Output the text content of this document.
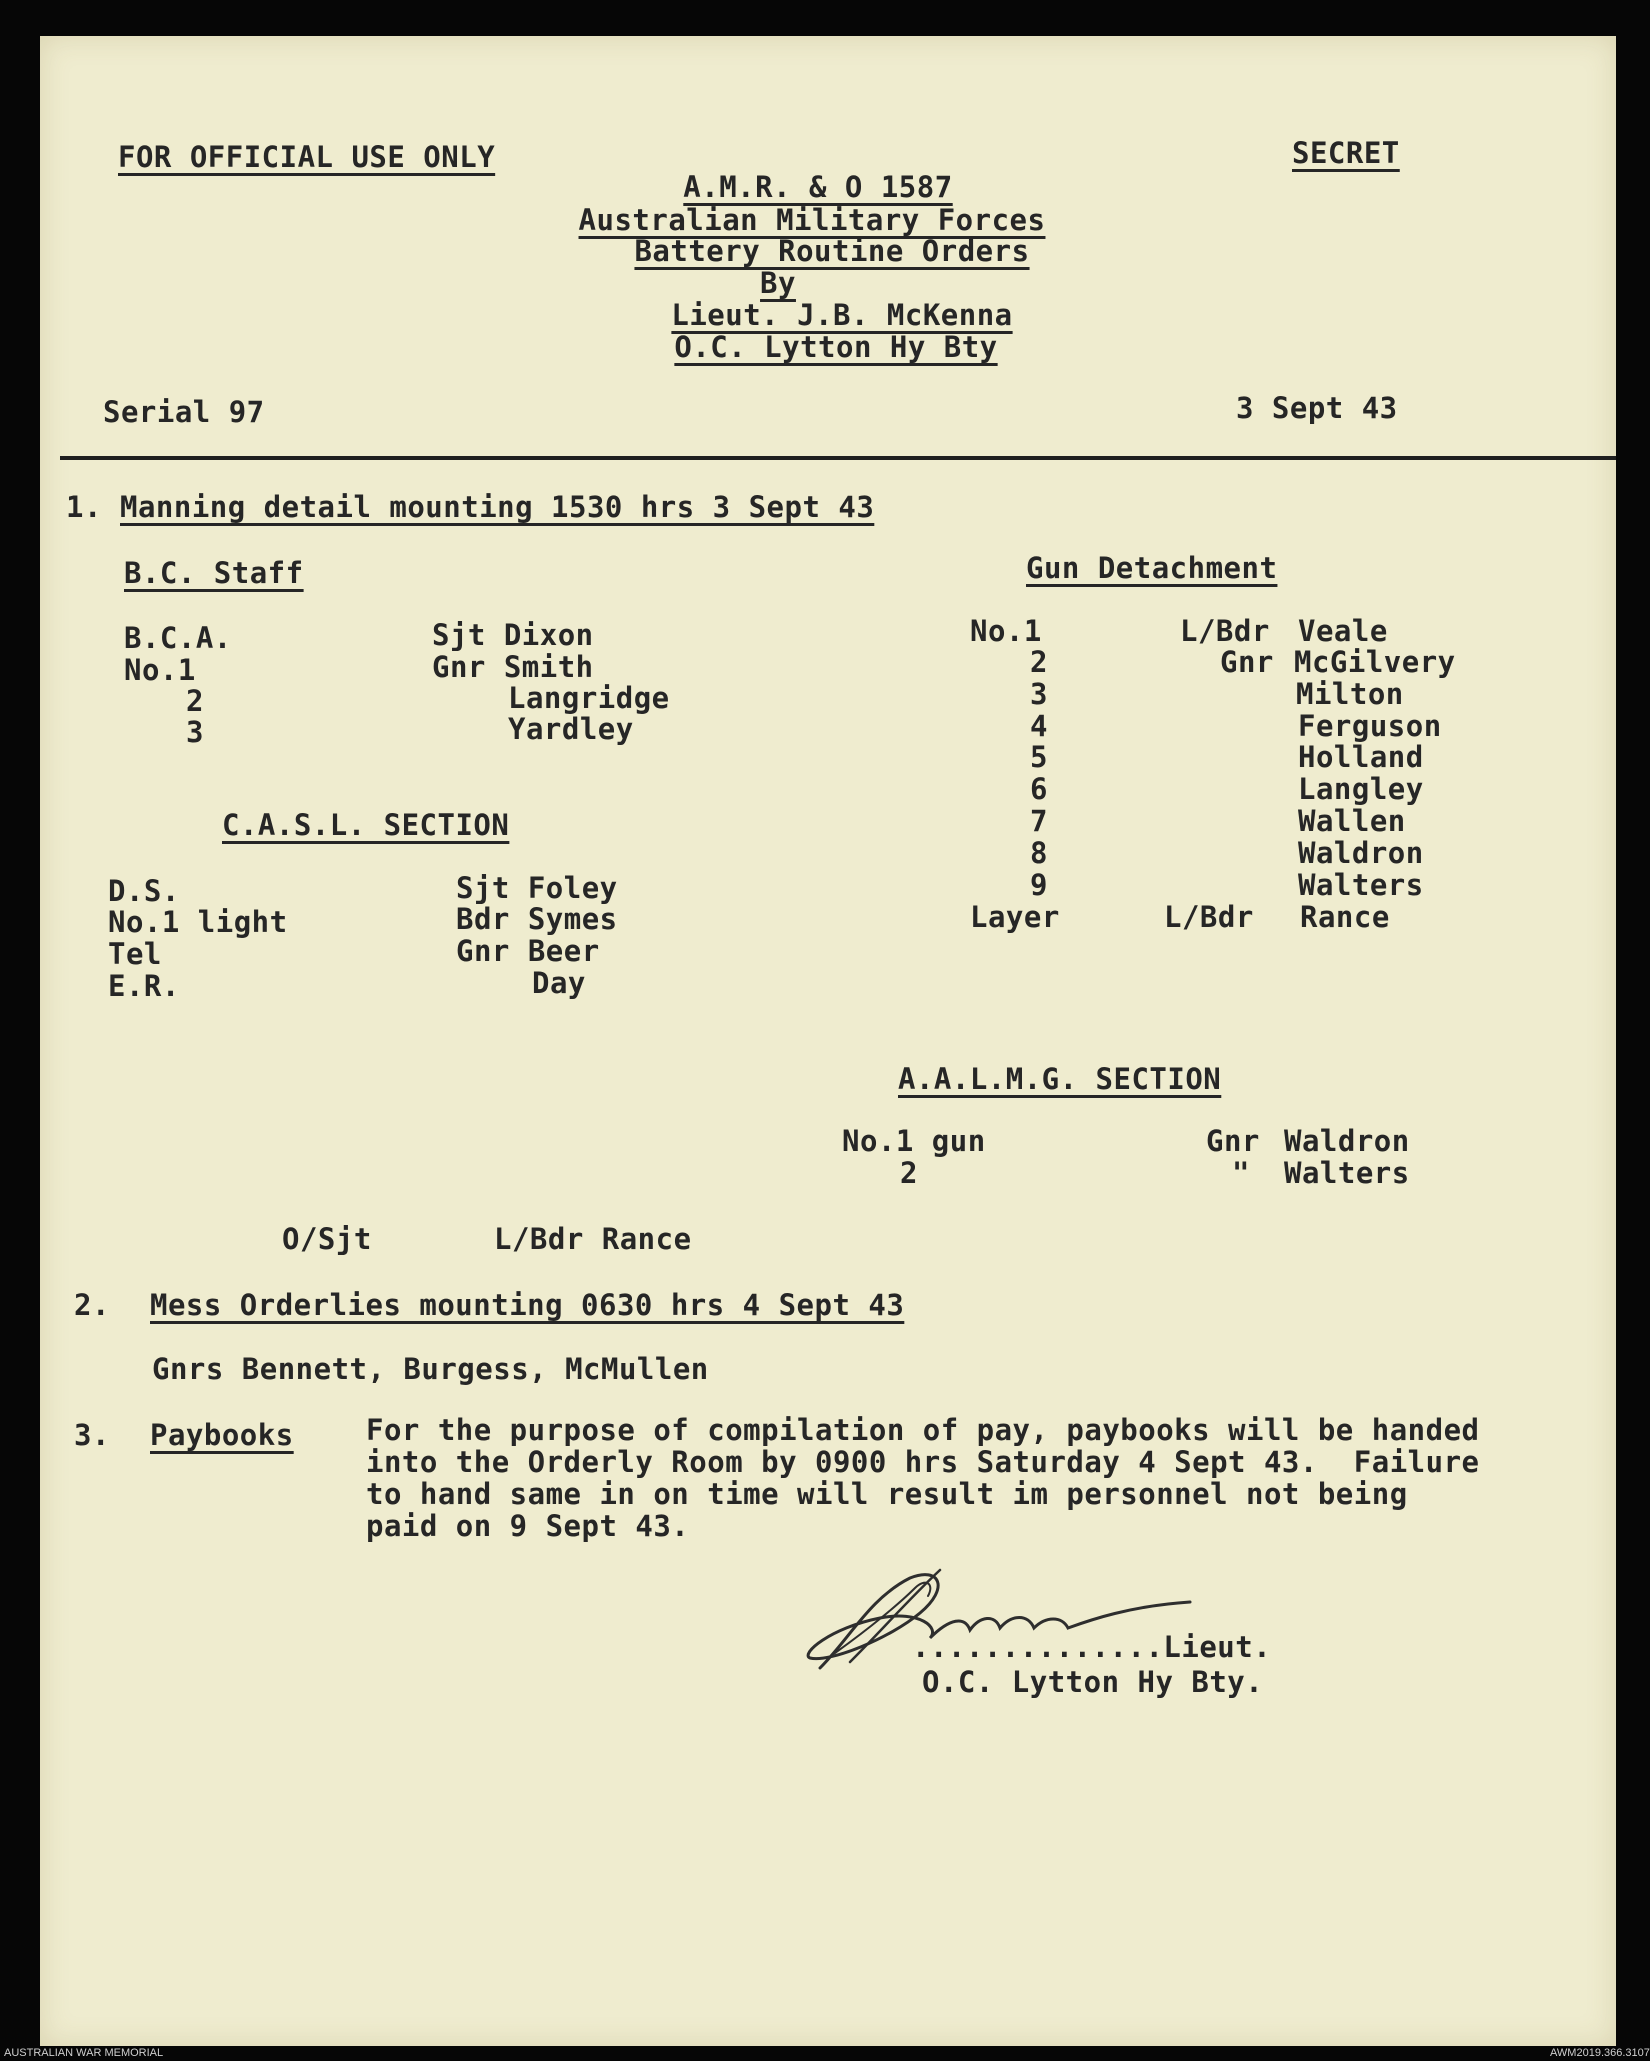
FOR OFFICIAL USE ONLY	SECRET
A.M.R. & O 1587
Australian Military Forces
Battery Routine Orders
By
Lieut. J.B. McKenna
O.C. Lytton Hy Bty
Serial 97	3 Sept 43
1. Manning detail mounting 1530 hrs 3 Sept 43
B.C. Staff
B.C.A.	Sjt Dixon
No.1	Gnr Smith
2	Langridge
3	Yardley
C.A.S.L. SECTION
D.S.	Sjt Foley
No.1 light	Bdr Symes
Tel	Gnr Beer
E.R.	Day
Gun Detachment
No.1	L/Bdr Veale
2	Gnr McGilvery
3	Milton
4	Ferguson
5	Holland
6	Langley
7	Wallen
8	Waldron
9	Walters
Layer	L/Bdr Rance
A.A.L.M.G. SECTION
No.1 gun	Gnr Waldron
2	" Walters
O/Sjt	L/Bdr Rance
2. Mess Orderlies mounting 0630 hrs 4 Sept 43
Gnrs Bennett, Burgess, McMullen
3. Paybooks For the purpose of compilation of pay, paybooks will be handed
into the Orderly Room by 0900 hrs Saturday 4 Sept 43.  Failure
to hand same in on time will result im personnel not being
paid on 9 Sept 43.
..............Lieut.
O.C. Lytton Hy Bty.
AUSTRALIAN WAR MEMORIAL	AWM2019.366.3107
